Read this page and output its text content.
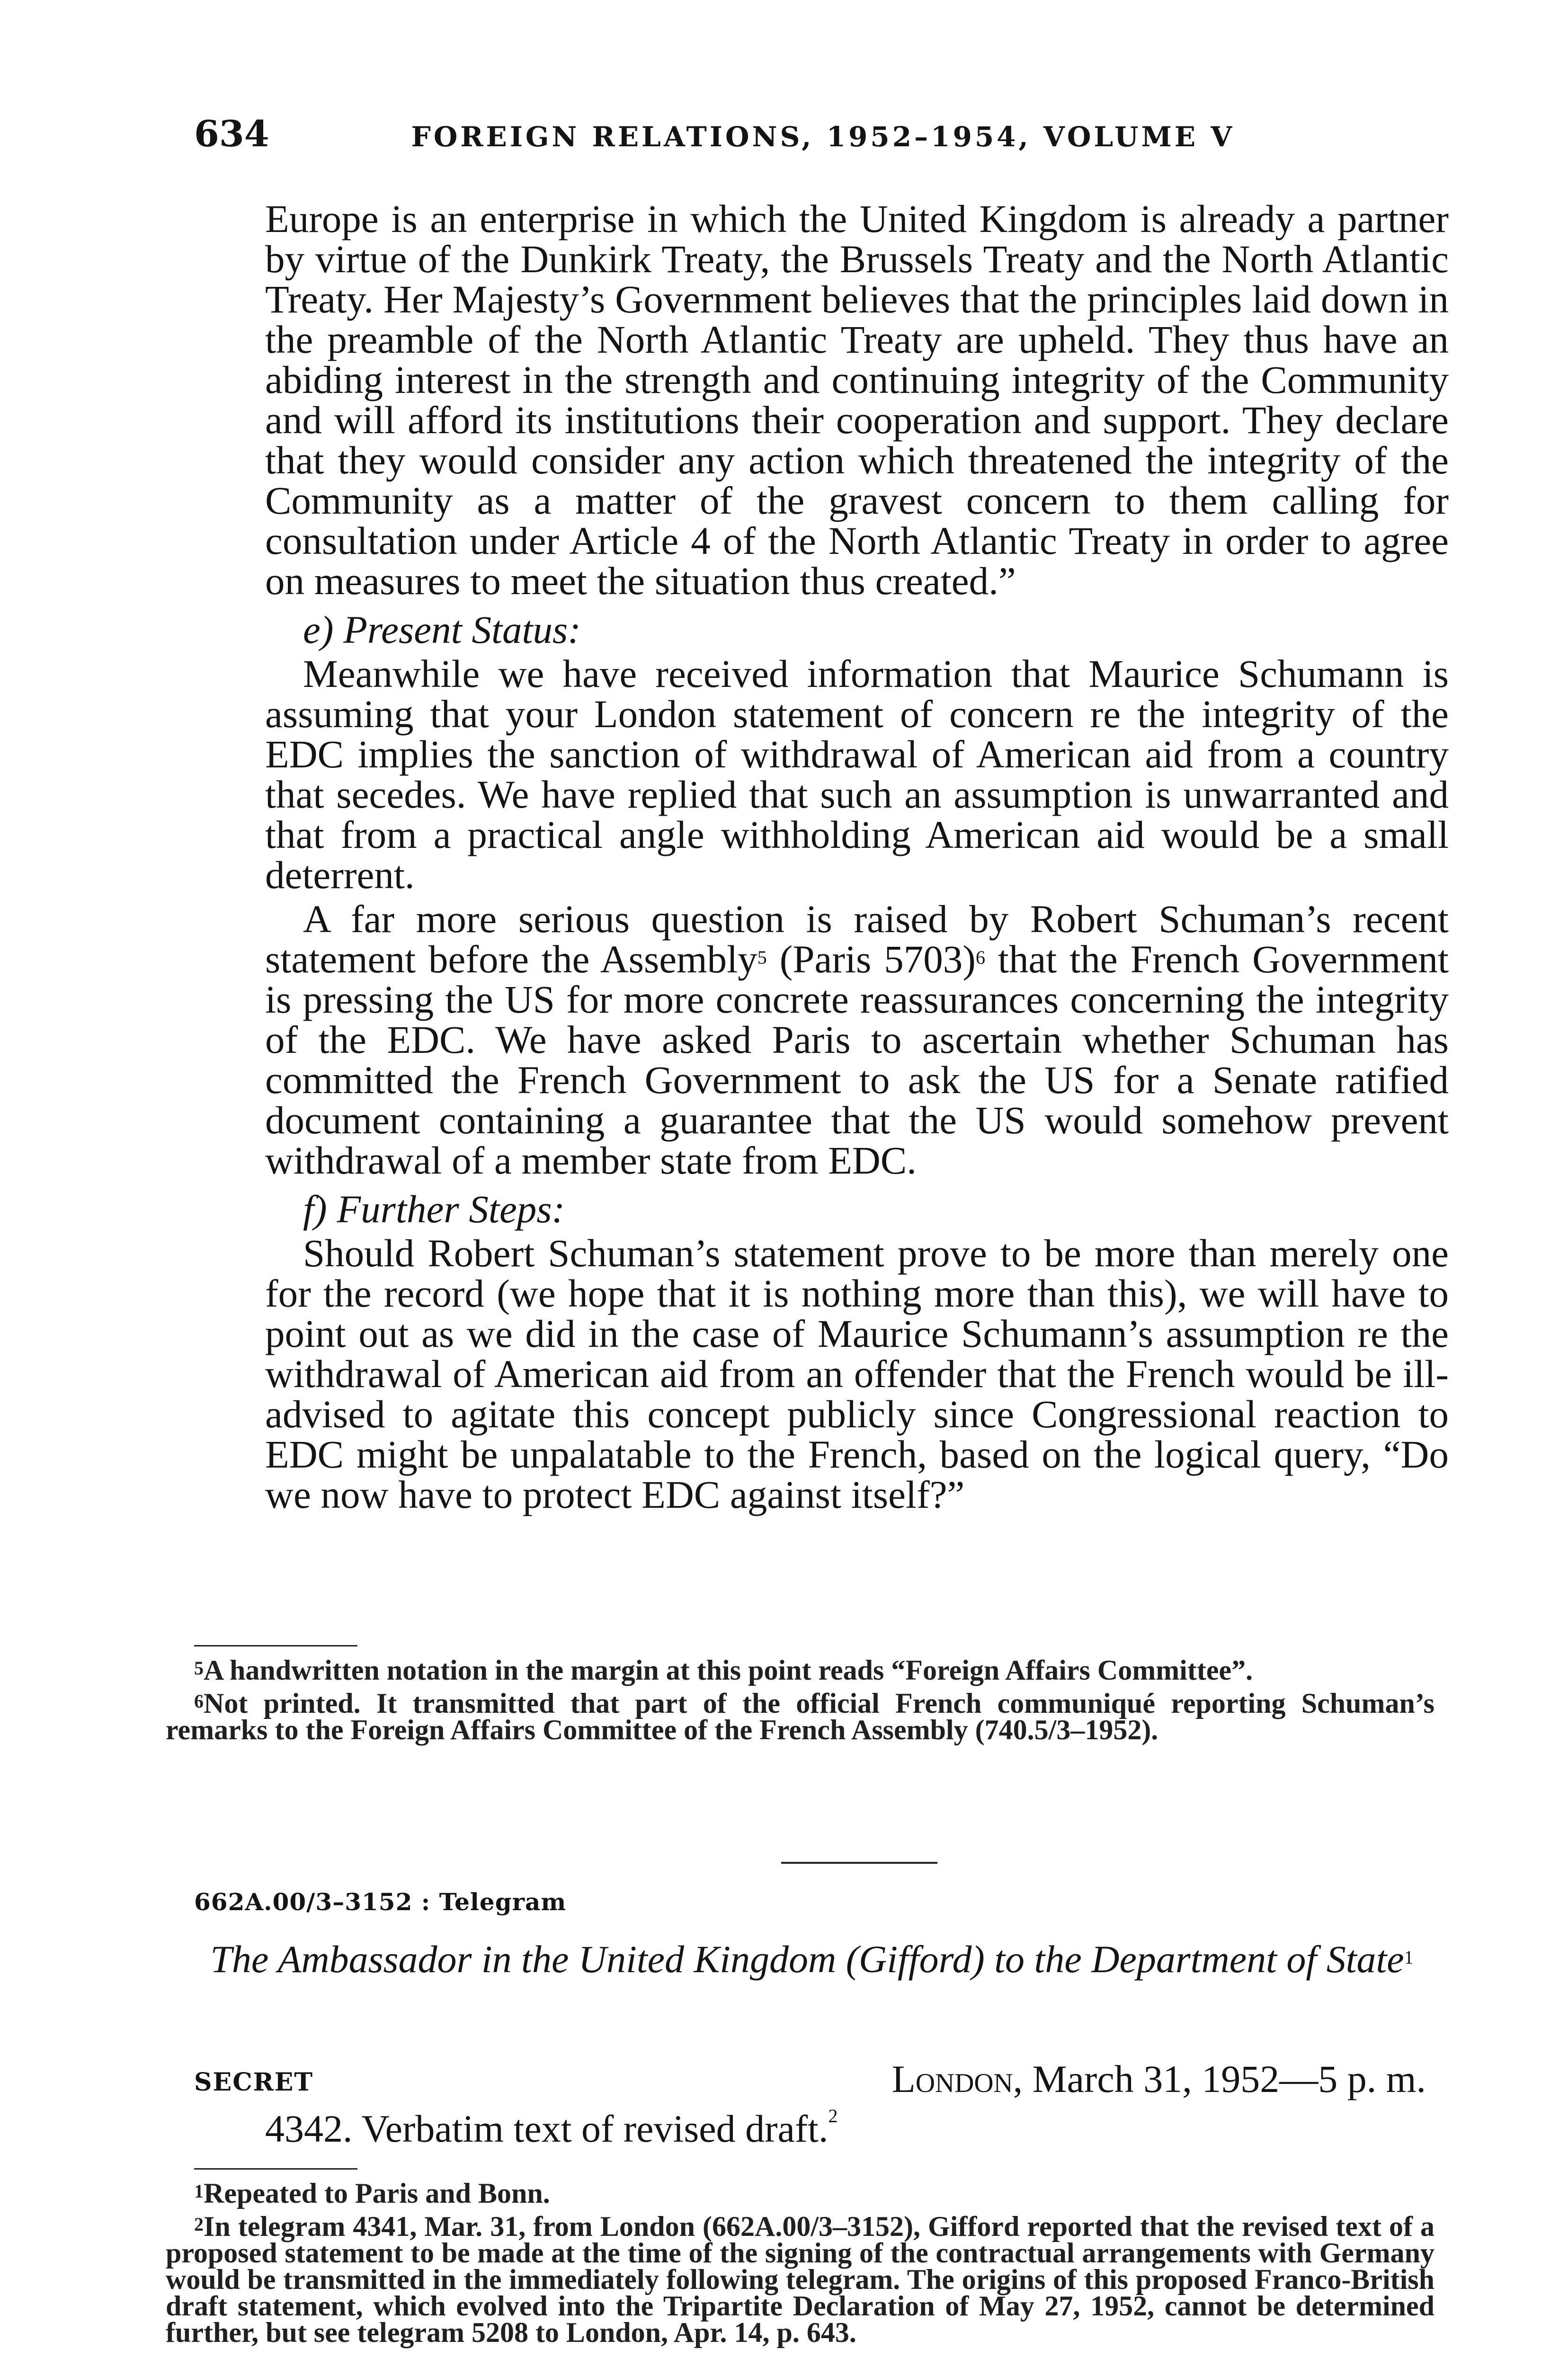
634	FOREIGN RELATIONS, 1952–1954, VOLUME V

Europe is an enterprise in which the United Kingdom is already a partner by virtue of the Dunkirk Treaty, the Brussels Treaty and the North Atlantic Treaty. Her Majesty’s Government believes that the principles laid down in the preamble of the North Atlantic Treaty are upheld. They thus have an abiding interest in the strength and continuing integrity of the Community and will afford its institutions their cooperation and support. They declare that they would consider any action which threatened the integrity of the Community as a matter of the gravest concern to them calling for consultation under Article 4 of the North Atlantic Treaty in order to agree on measures to meet the situation thus created.”

e) Present Status:

Meanwhile we have received information that Maurice Schumann is assuming that your London statement of concern re the integrity of the EDC implies the sanction of withdrawal of American aid from a country that secedes. We have replied that such an assumption is unwarranted and that from a practical angle withholding American aid would be a small deterrent.

A far more serious question is raised by Robert Schuman’s recent statement before the Assembly$^5$ (Paris 5703)$^6$ that the French Government is pressing the US for more concrete reassurances concerning the integrity of the EDC. We have asked Paris to ascertain whether Schuman has committed the French Government to ask the US for a Senate ratified document containing a guarantee that the US would somehow prevent withdrawal of a member state from EDC.

f) Further Steps:

Should Robert Schuman’s statement prove to be more than merely one for the record (we hope that it is nothing more than this), we will have to point out as we did in the case of Maurice Schumann’s assumption re the withdrawal of American aid from an offender that the French would be ill-advised to agitate this concept publicly since Congressional reaction to EDC might be unpalatable to the French, based on the logical query, “Do we now have to protect EDC against itself?”

$^5$A handwritten notation in the margin at this point reads “Foreign Affairs Committee”.

$^6$Not printed. It transmitted that part of the official French communiqué reporting Schuman’s remarks to the Foreign Affairs Committee of the French Assembly (740.5/3–1952).

662A.00/3–3152 : Telegram
The Ambassador in the United Kingdom (Gifford) to the Department of State$^1$
SECRET	London, March 31, 1952—5 p. m.
4342. Verbatim text of revised draft.$^2$

$^1$Repeated to Paris and Bonn.

$^2$In telegram 4341, Mar. 31, from London (662A.00/3–3152), Gifford reported that the revised text of a proposed statement to be made at the time of the signing of the contractual arrangements with Germany would be transmitted in the immediately following telegram. The origins of this proposed Franco-British draft statement, which evolved into the Tripartite Declaration of May 27, 1952, cannot be determined further, but see telegram 5208 to London, Apr. 14, p. 643.
